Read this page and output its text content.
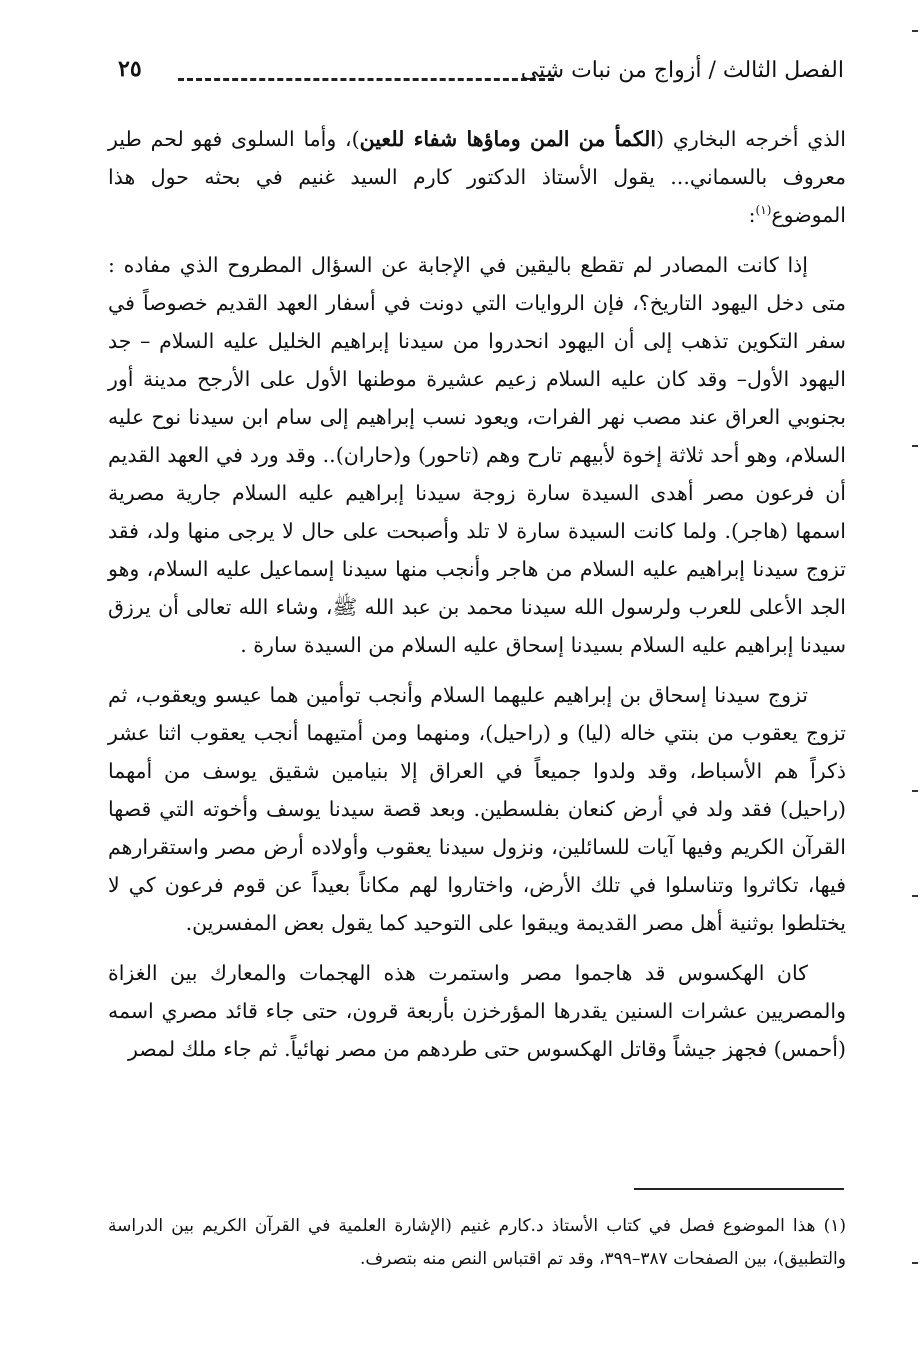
٢٥	الفصل الثالث / أزواج من نبات شتى

الذي أخرجه البخاري (الكمأ من المن وماؤها شفاء للعين)، وأما السلوى فهو لحم طير معروف بالسماني... يقول الأستاذ الدكتور كارم السيد غنيم في بحثه حول هذا الموضوع$^{(١)}$:

إذا كانت المصادر لم تقطع باليقين في الإجابة عن السؤال المطروح الذي مفاده : متى دخل اليهود التاريخ؟، فإن الروايات التي دونت في أسفار العهد القديم خصوصاً في سفر التكوين تذهب إلى أن اليهود انحدروا من سيدنا إبراهيم الخليل عليه السلام – جد اليهود الأول– وقد كان عليه السلام زعيم عشيرة موطنها الأول على الأرجح مدينة أور بجنوبي العراق عند مصب نهر الفرات، ويعود نسب إبراهيم إلى سام ابن سيدنا نوح عليه السلام، وهو أحد ثلاثة إخوة لأبيهم تارح وهم (تاحور) و(حاران).. وقد ورد في العهد القديم أن فرعون مصر أهدى السيدة سارة زوجة سيدنا إبراهيم عليه السلام جارية مصرية اسمها (هاجر). ولما كانت السيدة سارة لا تلد وأصبحت على حال لا يرجى منها ولد، فقد تزوج سيدنا إبراهيم عليه السلام من هاجر وأنجب منها سيدنا إسماعيل عليه السلام، وهو الجد الأعلى للعرب ولرسول الله سيدنا محمد بن عبد الله ﷺ، وشاء الله تعالى أن يرزق سيدنا إبراهيم عليه السلام بسيدنا إسحاق عليه السلام من السيدة سارة .

تزوج سيدنا إسحاق بن إبراهيم عليهما السلام وأنجب توأمين هما عيسو ويعقوب، ثم تزوج يعقوب من بنتي خاله (ليا) و (راحيل)، ومنهما ومن أمتيهما أنجب يعقوب اثنا عشر ذكراً هم الأسباط، وقد ولدوا جميعاً في العراق إلا بنيامين شقيق يوسف من أمهما (راحيل) فقد ولد في أرض كنعان بفلسطين. وبعد قصة سيدنا يوسف وأخوته التي قصها القرآن الكريم وفيها آيات للسائلين، ونزول سيدنا يعقوب وأولاده أرض مصر واستقرارهم فيها، تكاثروا وتناسلوا في تلك الأرض، واختاروا لهم مكاناً بعيداً عن قوم فرعون كي لا يختلطوا بوثنية أهل مصر القديمة ويبقوا على التوحيد كما يقول بعض المفسرين.

كان الهكسوس قد هاجموا مصر واستمرت هذه الهجمات والمعارك بين الغزاة والمصريين عشرات السنين يقدرها المؤرخزن بأربعة قرون، حتى جاء قائد مصري اسمه (أحمس) فجهز جيشاً وقاتل الهكسوس حتى طردهم من مصر نهائياً. ثم جاء ملك لمصر

(١) هذا الموضوع فصل في كتاب الأستاذ د.كارم غنيم (الإشارة العلمية في القرآن الكريم بين الدراسة والتطبيق)، بين الصفحات ٣٨٧–٣٩٩، وقد تم اقتباس النص منه بتصرف.
